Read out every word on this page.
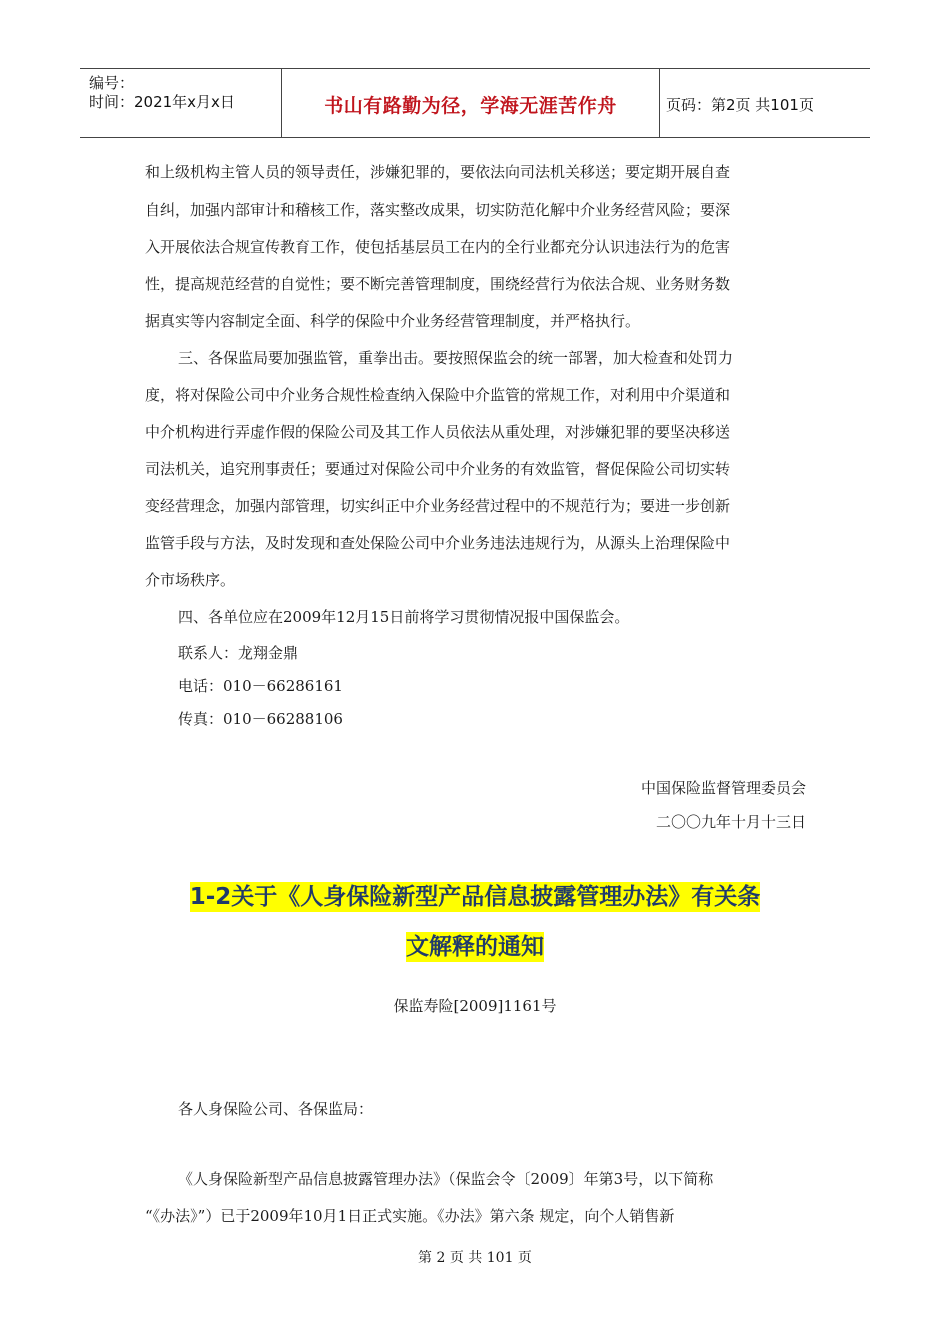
编号：
时间：2021年x月x日	书山有路勤为径，学海无涯苦作舟	页码：第2页 共101页
和上级机构主管人员的领导责任，涉嫌犯罪的，要依法向司法机关移送；要定期开展自查
自纠，加强内部审计和稽核工作，落实整改成果，切实防范化解中介业务经营风险；要深
入开展依法合规宣传教育工作，使包括基层员工在内的全行业都充分认识违法行为的危害
性，提高规范经营的自觉性；要不断完善管理制度，围绕经营行为依法合规、业务财务数
据真实等内容制定全面、科学的保险中介业务经营管理制度，并严格执行。
三、各保监局要加强监管，重拳出击。要按照保监会的统一部署，加大检查和处罚力
度，将对保险公司中介业务合规性检查纳入保险中介监管的常规工作，对利用中介渠道和
中介机构进行弄虚作假的保险公司及其工作人员依法从重处理，对涉嫌犯罪的要坚决移送
司法机关，追究刑事责任；要通过对保险公司中介业务的有效监管，督促保险公司切实转
变经营理念，加强内部管理，切实纠正中介业务经营过程中的不规范行为；要进一步创新
监管手段与方法，及时发现和查处保险公司中介业务违法违规行为，从源头上治理保险中
介市场秩序。
四、各单位应在2009年12月15日前将学习贯彻情况报中国保监会。
联系人：龙翔金鼎
电话：010－66286161
传真：010－66288106
中国保险监督管理委员会
二〇〇九年十月十三日
1-2关于《人身保险新型产品信息披露管理办法》有关条
文解释的通知
保监寿险[2009]1161号
各人身保险公司、各保监局：
《人身保险新型产品信息披露管理办法》（保监会令〔2009〕年第3号，以下简称
“《办法》”）已于2009年10月1日正式实施。《办法》第六条 规定，向个人销售新
第 2 页 共 101 页
